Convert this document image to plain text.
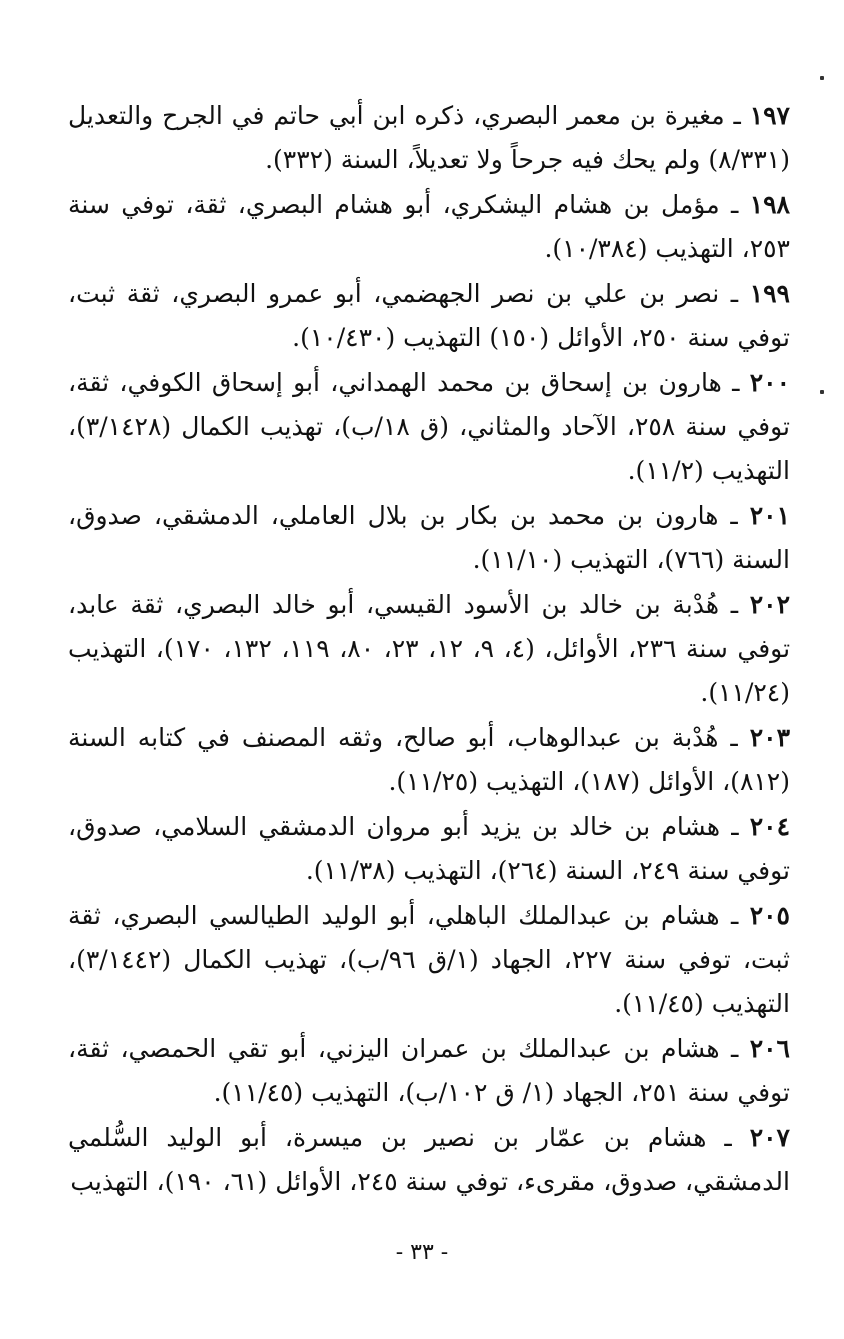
١٩٧ ـ مغيرة بن معمر البصري، ذكره ابن أبي حاتم في الجرح والتعديل (٨/٣٣١) ولم يحك فيه جرحاً ولا تعديلاً، السنة (٣٣٢).

١٩٨ ـ مؤمل بن هشام اليشكري، أبو هشام البصري، ثقة، توفي سنة ٢٥٣، التهذيب (١٠/٣٨٤).

١٩٩ ـ نصر بن علي بن نصر الجهضمي، أبو عمرو البصري، ثقة ثبت، توفي سنة ٢٥٠، الأوائل (١٥٠) التهذيب (١٠/٤٣٠).

٢٠٠ ـ هارون بن إسحاق بن محمد الهمداني، أبو إسحاق الكوفي، ثقة، توفي سنة ٢٥٨، الآحاد والمثاني، (ق ١٨/ب)، تهذيب الكمال (٣/١٤٢٨)، التهذيب (١١/٢).

٢٠١ ـ هارون بن محمد بن بكار بن بلال العاملي، الدمشقي، صدوق، السنة (٧٦٦)، التهذيب (١١/١٠).

٢٠٢ ـ هُدْبة بن خالد بن الأسود القيسي، أبو خالد البصري، ثقة عابد، توفي سنة ٢٣٦، الأوائل، (٤، ٩، ١٢، ٢٣، ٨٠، ١١٩، ١٣٢، ١٧٠)، التهذيب (١١/٢٤).

٢٠٣ ـ هُدْبة بن عبدالوهاب، أبو صالح، وثقه المصنف في كتابه السنة (٨١٢)، الأوائل (١٨٧)، التهذيب (١١/٢٥).

٢٠٤ ـ هشام بن خالد بن يزيد أبو مروان الدمشقي السلامي، صدوق، توفي سنة ٢٤٩، السنة (٢٦٤)، التهذيب (١١/٣٨).

٢٠٥ ـ هشام بن عبدالملك الباهلي، أبو الوليد الطيالسي البصري، ثقة ثبت، توفي سنة ٢٢٧، الجهاد (١/ق ٩٦/ب)، تهذيب الكمال (٣/١٤٤٢)، التهذيب (١١/٤٥).

٢٠٦ ـ هشام بن عبدالملك بن عمران اليزني، أبو تقي الحمصي، ثقة، توفي سنة ٢٥١، الجهاد (١/ ق ١٠٢/ب)، التهذيب (١١/٤٥).

٢٠٧ ـ هشام بن عمّار بن نصير بن ميسرة، أبو الوليد السُّلمي الدمشقي، صدوق، مقرىء، توفي سنة ٢٤٥، الأوائل (٦١، ١٩٠)، التهذيب

- ٣٣ -
